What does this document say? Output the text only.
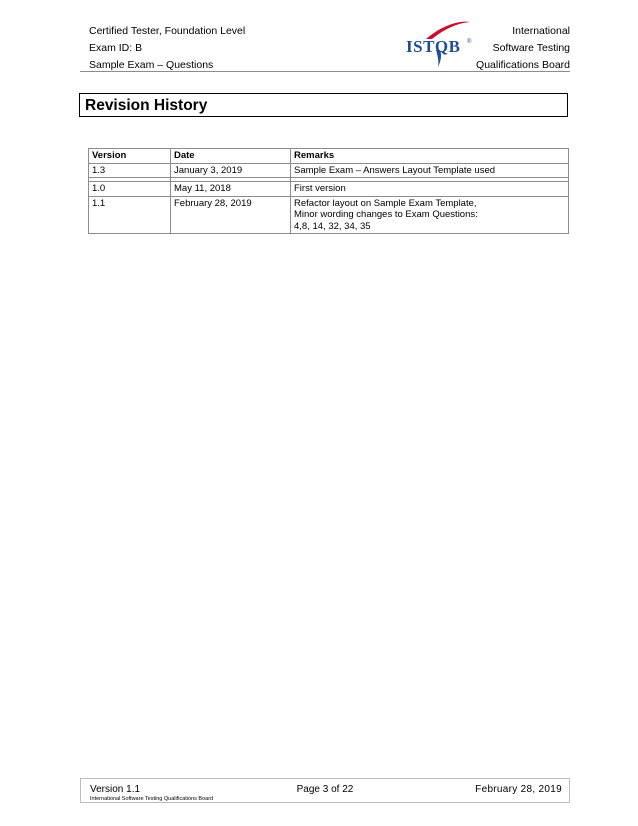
Certified Tester, Foundation Level
Exam ID: B
Sample Exam – Questions
ISTQB ®
International
Software Testing
Qualifications Board
Revision History
Version	Date	Remarks
1.3	January 3, 2019	Sample Exam – Answers Layout Template used

1.0	May 11, 2018	First version

1.1	February 28, 2019	Refactor layout on Sample Exam Template,
Minor wording changes to Exam Questions:
4,8, 14, 32, 34, 35
Version 1.1	Page 3 of 22	February 28, 2019
International Software Testing Qualifications Board
